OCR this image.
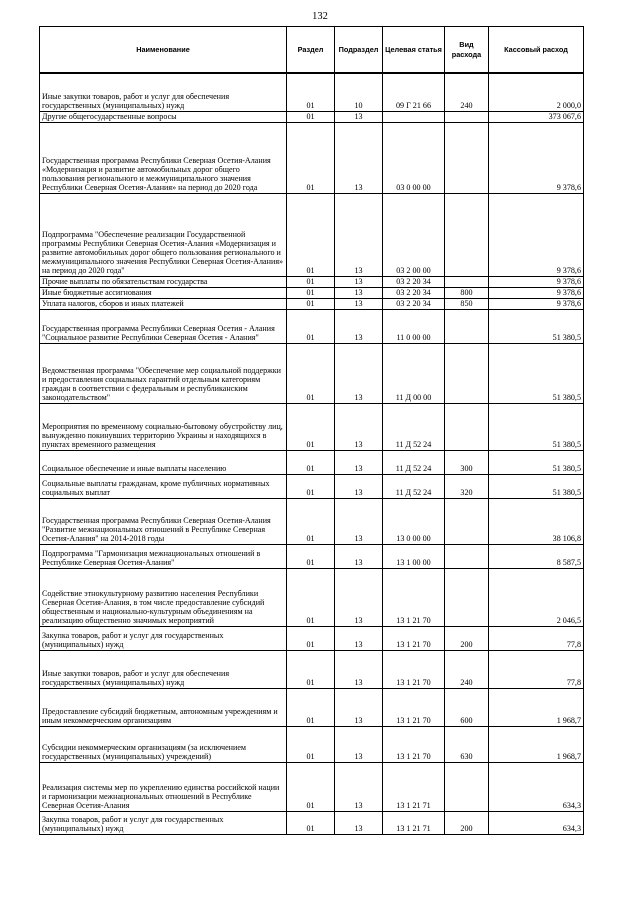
132
Наименование	Раздел	Подраздел	Целевая статья	Вид расхода	Кассовый расход
Иные закупки товаров, работ и услуг для обеспечения государственных (муниципальных) нужд	01	10	09 Г 21 66	240	2 000,0
Другие общегосударственные вопросы	01	13			373 067,6
Государственная программа Республики Северная Осетия-Алания «Модернизация и развитие автомобильных дорог общего пользования регионального и межмуниципального значения Республики Северная Осетия-Алания» на период до 2020 года	01	13	03 0 00 00		9 378,6
Подпрограмма "Обеспечение реализации Государственной программы Республики Северная Осетия-Алания «Модернизация и развитие автомобильных дорог общего пользования регионального и межмуниципального значения Республики Северная Осетия-Алания» на период до 2020 года"	01	13	03 2 00 00		9 378,6
Прочие выплаты по обязательствам государства	01	13	03 2 20 34		9 378,6
Иные бюджетные ассигнования	01	13	03 2 20 34	800	9 378,6
Уплата налогов, сборов и иных платежей	01	13	03 2 20 34	850	9 378,6
Государственная программа Республики Северная Осетия - Алания "Социальное развитие Республики Северная Осетия - Алания"	01	13	11 0 00 00		51 380,5
Ведомственная программа "Обеспечение мер социальной поддержки и предоставления социальных гарантий отдельным категориям граждан в соответствии с федеральным и республиканским законодательством"	01	13	11 Д 00 00		51 380,5
Мероприятия по временному социально-бытовому обустройству лиц, вынужденно покинувших территорию Украины и находящихся в пунктах временного размещения	01	13	11 Д 52 24		51 380,5
Социальное обеспечение и иные выплаты населению	01	13	11 Д 52 24	300	51 380,5
Социальные выплаты гражданам, кроме публичных нормативных социальных выплат	01	13	11 Д 52 24	320	51 380,5
Государственная программа Республики Северная Осетия-Алания "Развитие межнациональных отношений в Республике Северная Осетия-Алания" на 2014-2018 годы	01	13	13 0 00 00		38 106,8
Подпрограмма "Гармонизация межнациональных отношений в Республике Северная Осетия-Алания"	01	13	13 1 00 00		8 587,5
Содействие этнокультурному развитию населения Республики Северная Осетия-Алания, в том числе предоставление субсидий общественным и национально-культурным объединениям на реализацию общественно значимых мероприятий	01	13	13 1 21 70		2 046,5
Закупка товаров, работ и услуг для государственных (муниципальных) нужд	01	13	13 1 21 70	200	77,8
Иные закупки товаров, работ и услуг для обеспечения государственных (муниципальных) нужд	01	13	13 1 21 70	240	77,8
Предоставление субсидий бюджетным, автономным учреждениям и иным некоммерческим организациям	01	13	13 1 21 70	600	1 968,7
Субсидии некоммерческим организациям (за исключением государственных (муниципальных) учреждений)	01	13	13 1 21 70	630	1 968,7
Реализация системы мер по укреплению единства российской нации и гармонизации межнациональных отношений в Республике Северная Осетия-Алания	01	13	13 1 21 71		634,3
Закупка товаров, работ и услуг для государственных (муниципальных) нужд	01	13	13 1 21 71	200	634,3
